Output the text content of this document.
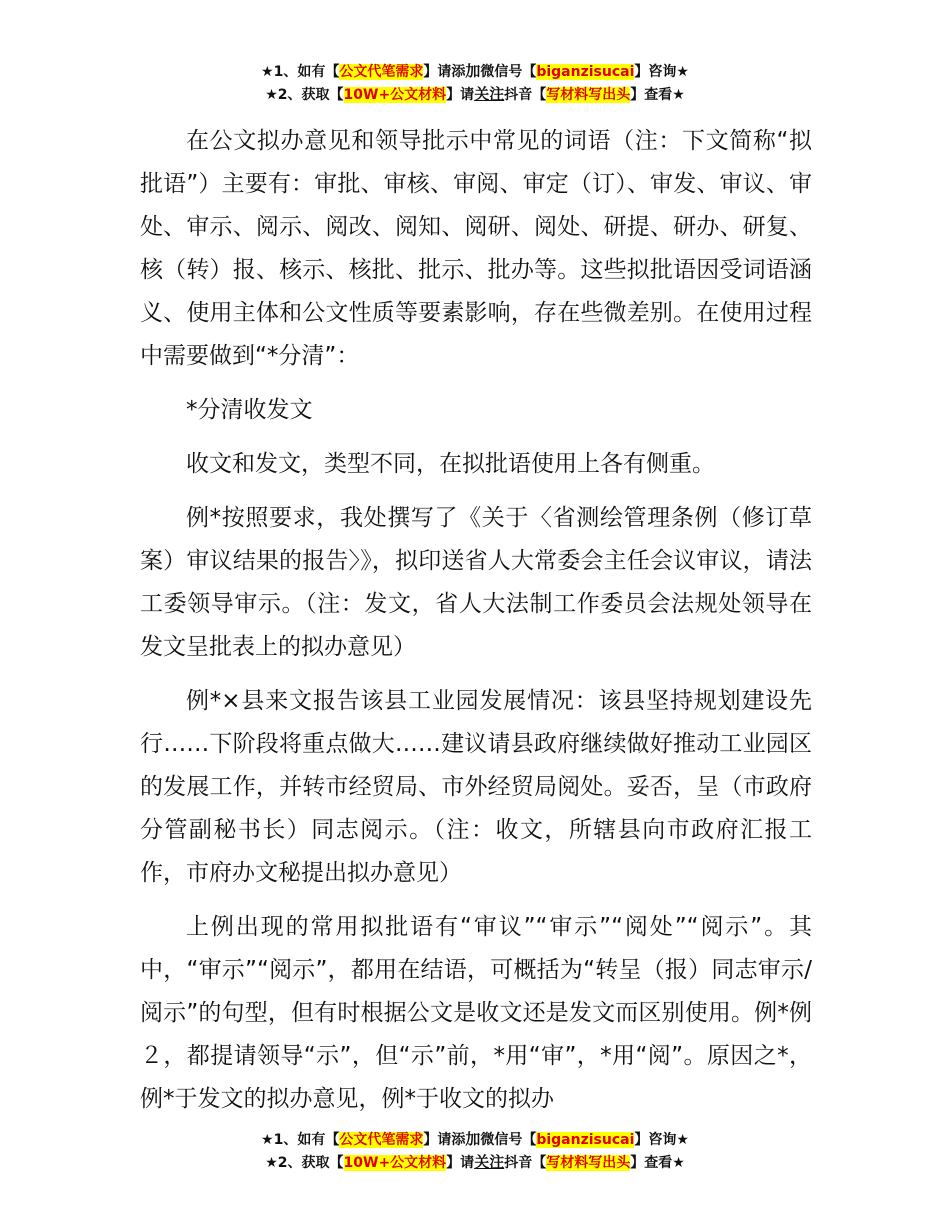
★1、如有【公文代笔需求】请添加微信号【biganzisucai】咨询★
★2、获取【10W+公文材料】请关注抖音【写材料写出头】查看★

在公文拟办意见和领导批示中常见的词语（注：下文简称“拟批语”）主要有：审批、审核、审阅、审定（订）、审发、审议、审处、审示、阅示、阅改、阅知、阅研、阅处、研提、研办、研复、核（转）报、核示、核批、批示、批办等。这些拟批语因受词语涵义、使用主体和公文性质等要素影响，存在些微差别。在使用过程中需要做到“*分清”：

*分清收发文

收文和发文，类型不同，在拟批语使用上各有侧重。

例*按照要求，我处撰写了《关于〈省测绘管理条例（修订草案）审议结果的报告〉》，拟印送省人大常委会主任会议审议，请法工委领导审示。（注：发文，省人大法制工作委员会法规处领导在发文呈批表上的拟办意见）

例*×县来文报告该县工业园发展情况：该县坚持规划建设先行……下阶段将重点做大……建议请县政府继续做好推动工业园区的发展工作，并转市经贸局、市外经贸局阅处。妥否，呈（市政府分管副秘书长）同志阅示。（注：收文，所辖县向市政府汇报工作，市府办文秘提出拟办意见）

上例出现的常用拟批语有“审议”“审示”“阅处”“阅示”。其中，“审示”“阅示”，都用在结语，可概括为“转呈（报）同志审示/阅示”的句型，但有时根据公文是收文还是发文而区别使用。例*例２，都提请领导“示”，但“示”前，*用“审”，*用“阅”。原因之*，例*于发文的拟办意见，例*于收文的拟办

★1、如有【公文代笔需求】请添加微信号【biganzisucai】咨询★
★2、获取【10W+公文材料】请关注抖音【写材料写出头】查看★
